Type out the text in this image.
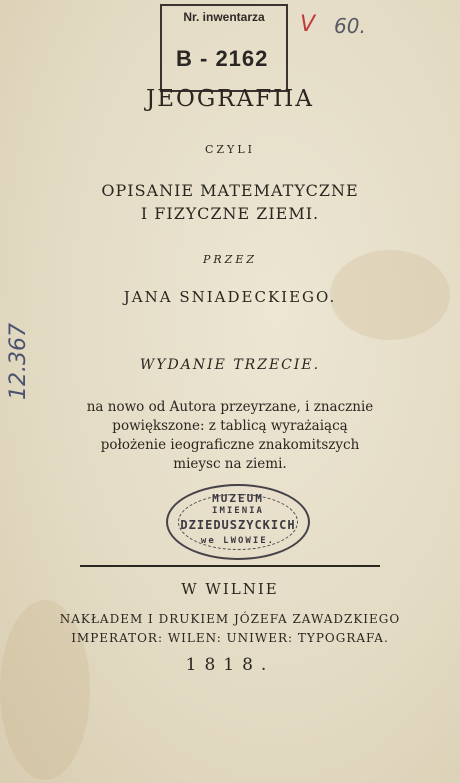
Nr. inwentarza
B - 2162
V 60.
12.367
JEOGRAFIIA
CZYLI
OPISANIE MATEMATYCZNE
I FIZYCZNE ZIEMI.
PRZEZ
JANA SNIADECKIEGO.
WYDANIE TRZECIE.
na nowo od Autora przeyrzane, i znacznie powiększone: z tablicą wyrażaiącą położenie ieograficzne znakomitszych mieysc na ziemi.
MUZEUM
IMIENIA
DZIEDUSZYCKICH
we LWOWIE.
W WILNIE
NAKŁADEM I DRUKIEM JÓZEFA ZAWADZKIEGO
IMPERATOR: WILEN: UNIWER: TYPOGRAFA.
1818.
